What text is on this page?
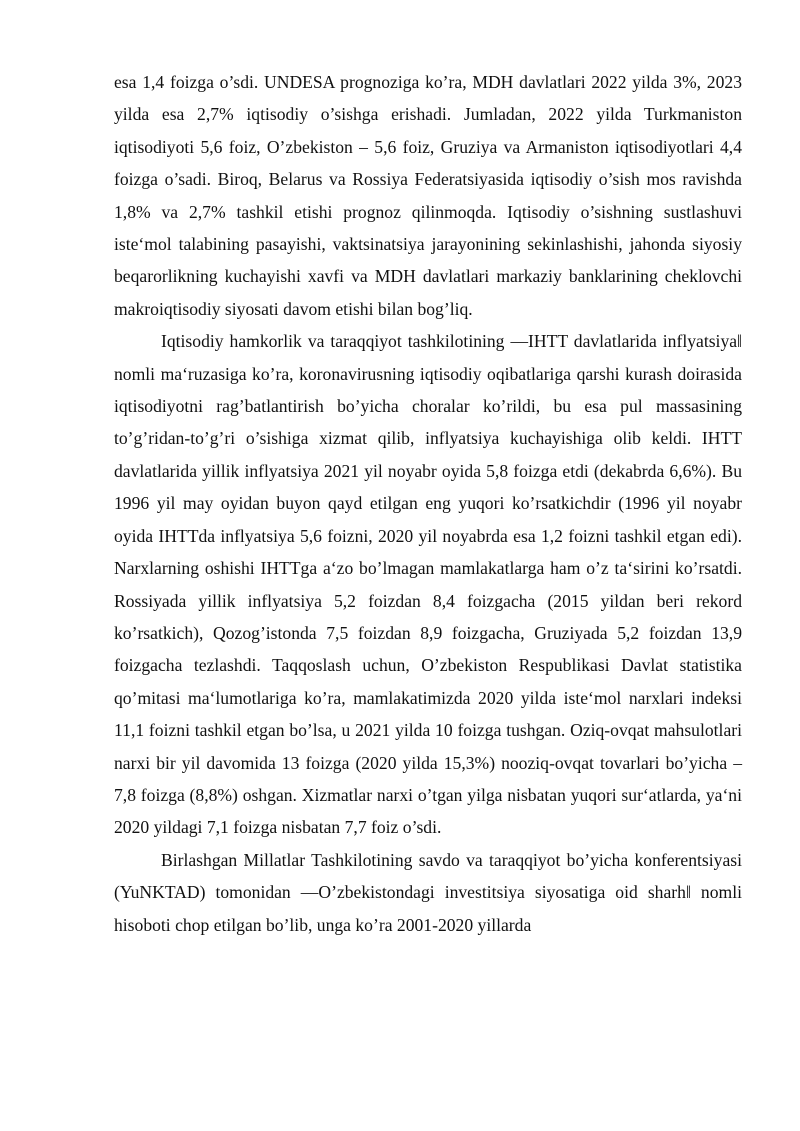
esa 1,4 foizga o’sdi. UNDESA prognoziga ko’ra, MDH davlatlari 2022 yilda 3%, 2023 yilda esa 2,7% iqtisodiy o’sishga erishadi. Jumladan, 2022 yilda Turkmaniston iqtisodiyoti 5,6 foiz, O’zbekiston – 5,6 foiz, Gruziya va Armaniston iqtisodiyotlari 4,4 foizga o’sadi. Biroq, Belarus va Rossiya Federatsiyasida iqtisodiy o’sish mos ravishda 1,8% va 2,7% tashkil etishi prognoz qilinmoqda. Iqtisodiy o’sishning sustlashuvi iste‘mol talabining pasayishi, vaktsinatsiya jarayonining sekinlashishi, jahonda siyosiy beqarorlikning kuchayishi xavfi va MDH davlatlari markaziy banklarining cheklovchi makroiqtisodiy siyosati davom etishi bilan bog’liq.

Iqtisodiy hamkorlik va taraqqiyot tashkilotining ―IHTT davlatlarida inflyatsiya‖ nomli ma‘ruzasiga ko’ra, koronavirusning iqtisodiy oqibatlariga qarshi kurash doirasida iqtisodiyotni rag’batlantirish bo’yicha choralar ko’rildi, bu esa pul massasining to’g’ridan-to’g’ri o’sishiga xizmat qilib, inflyatsiya kuchayishiga olib keldi. IHTT davlatlarida yillik inflyatsiya 2021 yil noyabr oyida 5,8 foizga etdi (dekabrda 6,6%). Bu 1996 yil may oyidan buyon qayd etilgan eng yuqori ko’rsatkichdir (1996 yil noyabr oyida IHTTda inflyatsiya 5,6 foizni, 2020 yil noyabrda esa 1,2 foizni tashkil etgan edi). Narxlarning oshishi IHTTga a‘zo bo’lmagan mamlakatlarga ham o’z ta‘sirini ko’rsatdi. Rossiyada yillik inflyatsiya 5,2 foizdan 8,4 foizgacha (2015 yildan beri rekord ko’rsatkich), Qozog’istonda 7,5 foizdan 8,9 foizgacha, Gruziyada 5,2 foizdan 13,9 foizgacha tezlashdi. Taqqoslash uchun, O’zbekiston Respublikasi Davlat statistika qo’mitasi ma‘lumotlariga ko’ra, mamlakatimizda 2020 yilda iste‘mol narxlari indeksi 11,1 foizni tashkil etgan bo’lsa, u 2021 yilda 10 foizga tushgan. Oziq-ovqat mahsulotlari narxi bir yil davomida 13 foizga (2020 yilda 15,3%) nooziq-ovqat tovarlari bo’yicha – 7,8 foizga (8,8%) oshgan. Xizmatlar narxi o’tgan yilga nisbatan yuqori sur‘atlarda, ya‘ni 2020 yildagi 7,1 foizga nisbatan 7,7 foiz o’sdi.

Birlashgan Millatlar Tashkilotining savdo va taraqqiyot bo’yicha konferentsiyasi (YuNKTAD) tomonidan ―O’zbekistondagi investitsiya siyosatiga oid sharh‖ nomli hisoboti chop etilgan bo’lib, unga ko’ra 2001-2020 yillarda
